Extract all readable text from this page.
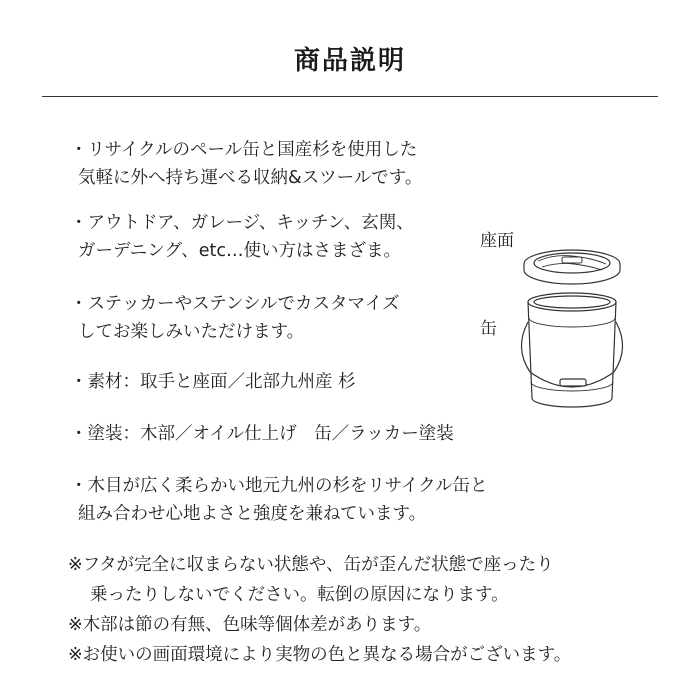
商品説明
・リサイクルのペール缶と国産杉を使用した
気軽に外へ持ち運べる収納&スツールです。
・アウトドア、ガレージ、キッチン、玄関、
ガーデニング、etc…使い方はさまざま。
・ステッカーやステンシルでカスタマイズ
してお楽しみいただけます。
・素材：取手と座面／北部九州産 杉
・塗装：木部／オイル仕上げ　缶／ラッカー塗装
・木目が広く柔らかい地元九州の杉をリサイクル缶と
組み合わせ心地よさと強度を兼ねています。
※フタが完全に収まらない状態や、缶が歪んだ状態で座ったり
乗ったりしないでください。転倒の原因になります。
※木部は節の有無、色味等個体差があります。
※お使いの画面環境により実物の色と異なる場合がございます。
座面
缶
